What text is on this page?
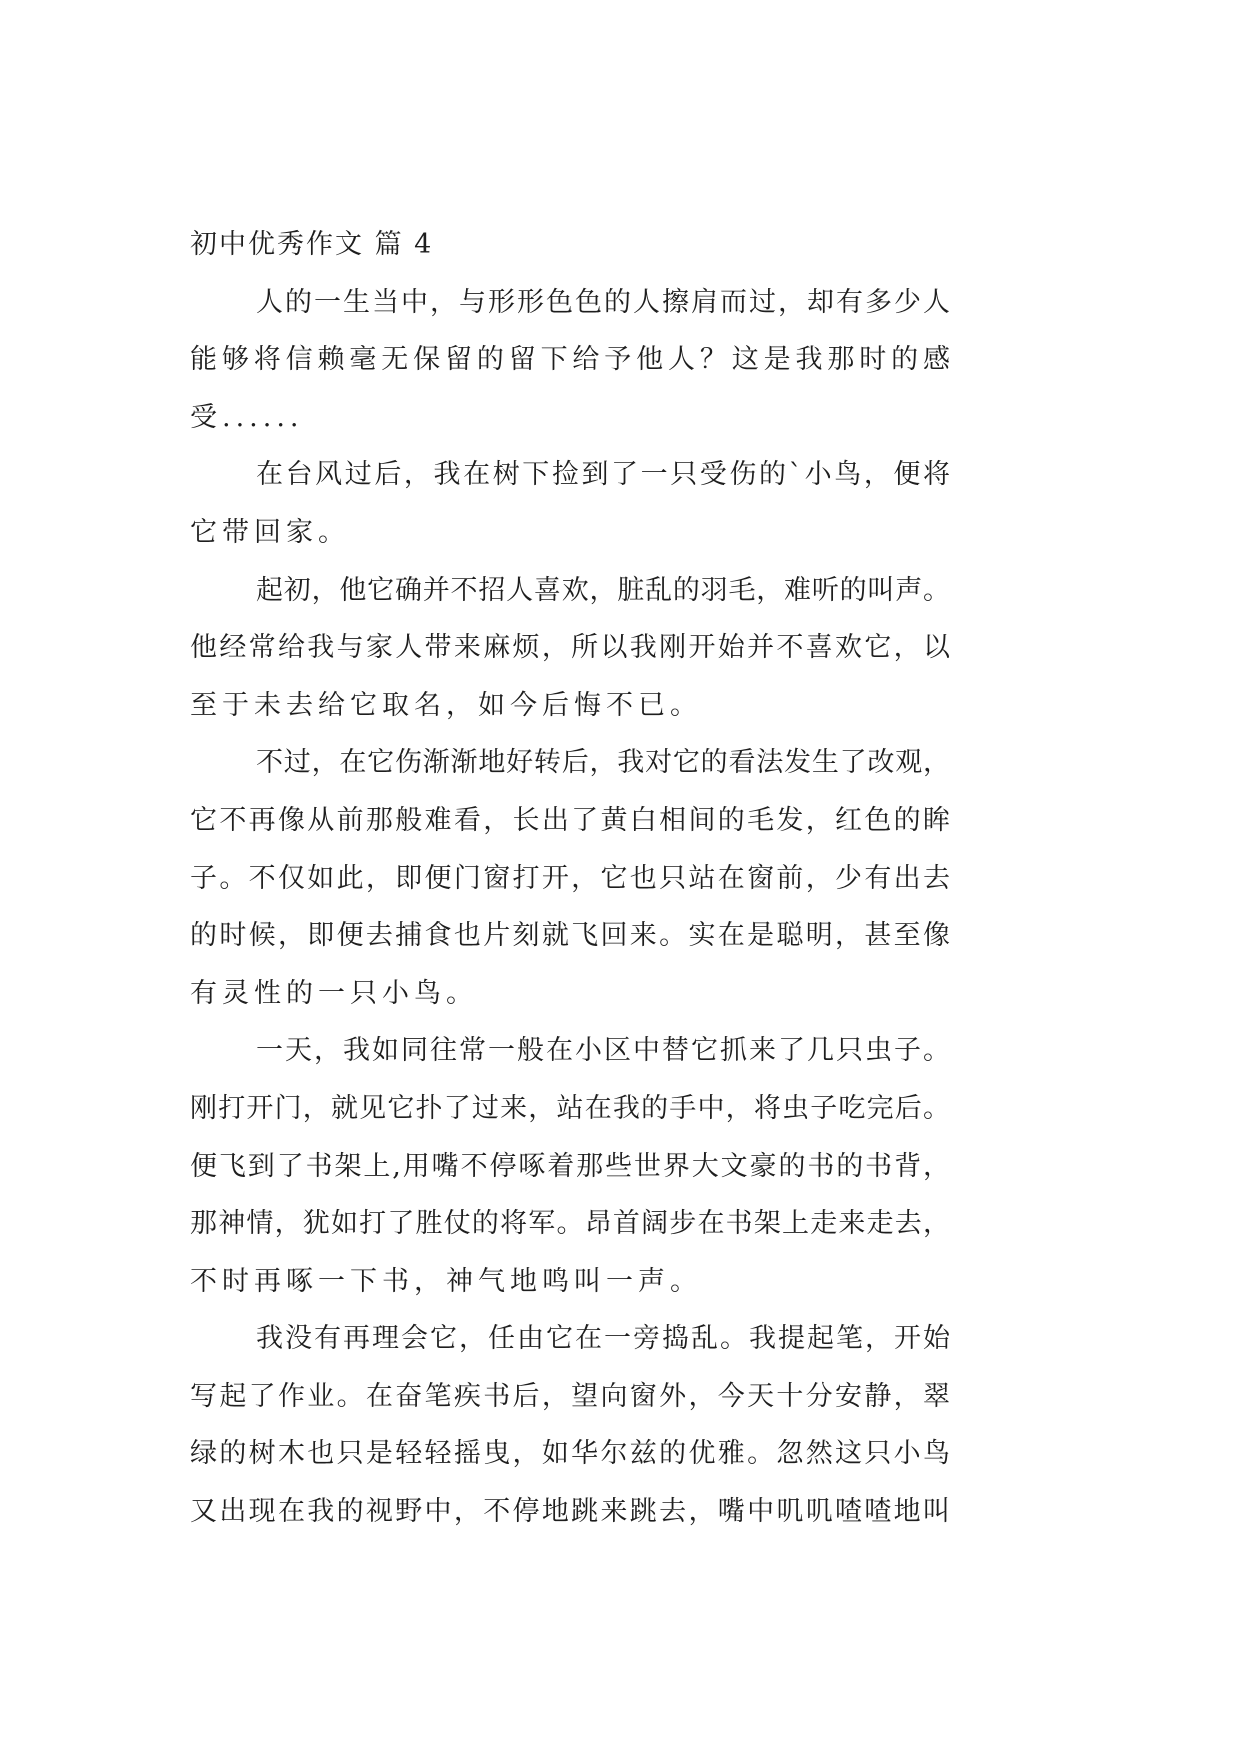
初中优秀作文 篇 4
人的一生当中，与形形色色的人擦肩而过，却有多少人
能够将信赖毫无保留的留下给予他人？这是我那时的感
受......
在台风过后，我在树下捡到了一只受伤的`小鸟，便将
它带回家。
起初，他它确并不招人喜欢，脏乱的羽毛，难听的叫声。
他经常给我与家人带来麻烦，所以我刚开始并不喜欢它，以
至于未去给它取名，如今后悔不已。
不过，在它伤渐渐地好转后，我对它的看法发生了改观，
它不再像从前那般难看，长出了黄白相间的毛发，红色的眸
子。不仅如此，即便门窗打开，它也只站在窗前，少有出去
的时候，即便去捕食也片刻就飞回来。实在是聪明，甚至像
有灵性的一只小鸟。
一天，我如同往常一般在小区中替它抓来了几只虫子。
刚打开门，就见它扑了过来，站在我的手中，将虫子吃完后。
便飞到了书架上,用嘴不停啄着那些世界大文豪的书的书背，
那神情，犹如打了胜仗的将军。昂首阔步在书架上走来走去，
不时再啄一下书，神气地鸣叫一声。
我没有再理会它，任由它在一旁捣乱。我提起笔，开始
写起了作业。在奋笔疾书后，望向窗外，今天十分安静，翠
绿的树木也只是轻轻摇曳，如华尔兹的优雅。忽然这只小鸟
又出现在我的视野中，不停地跳来跳去，嘴中叽叽喳喳地叫
